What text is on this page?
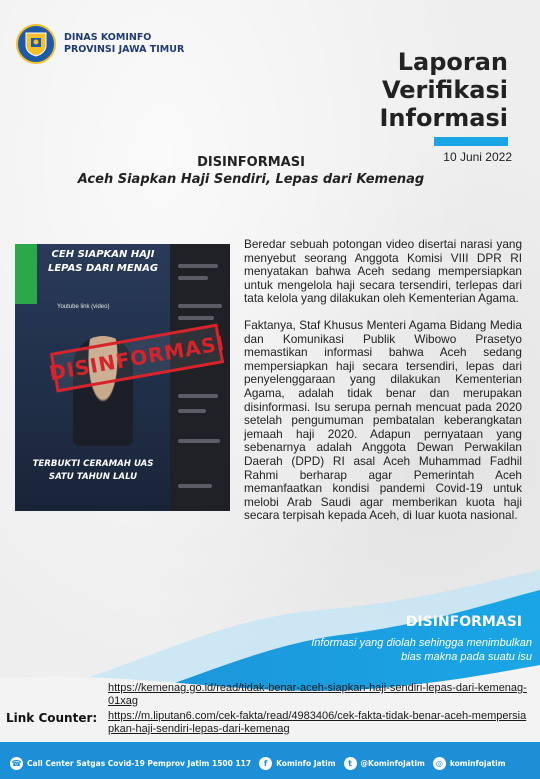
DINAS KOMINFO
PROVINSI JAWA TIMUR	Laporan
Verifikasi
Informasi
10 Juni 2022
DISINFORMASI
Aceh Siapkan Haji Sendiri, Lepas dari Kemenag
CEH SIAPKAN HAJI LEPAS DARI MENAG
Youtube link (video)
TERBUKTI CERAMAH UAS SATU TAHUN LALU
DISINFORMASI

Beredar sebuah potongan video disertai narasi yang menyebut seorang Anggota Komisi VIII DPR RI menyatakan bahwa Aceh sedang mempersiapkan untuk mengelola haji secara tersendiri, terlepas dari tata kelola yang dilakukan oleh Kementerian Agama.

Faktanya, Staf Khusus Menteri Agama Bidang Media dan Komunikasi Publik Wibowo Prasetyo memastikan informasi bahwa Aceh sedang mempersiapkan haji secara tersendiri, lepas dari penyelenggaraan yang dilakukan Kementerian Agama, adalah tidak benar dan merupakan disinformasi. Isu serupa pernah mencuat pada 2020 setelah pengumuman pembatalan keberangkatan jemaah haji 2020. Adapun pernyataan yang sebenarnya adalah Anggota Dewan Perwakilan Daerah (DPD) RI asal Aceh Muhammad Fadhil Rahmi berharap agar Pemerintah Aceh memanfaatkan kondisi pandemi Covid-19 untuk melobi Arab Saudi agar memberikan kuota haji secara terpisah kepada Aceh, di luar kuota nasional.

DISINFORMASI
Informasi yang diolah sehingga menimbulkan bias makna pada suatu isu
Link Counter:
https://kemenag.go.id/read/tidak-benar-aceh-siapkan-haji-sendiri-lepas-dari-kemenag-01xag
https://m.liputan6.com/cek-fakta/read/4983406/cek-fakta-tidak-benar-aceh-mempersiapkan-haji-sendiri-lepas-dari-kemenag
☎ Call Center Satgas Covid-19 Pemprov Jatim 1500 117	f	Kominfo Jatim	t	@KominfoJatim	◎ kominfojatim
